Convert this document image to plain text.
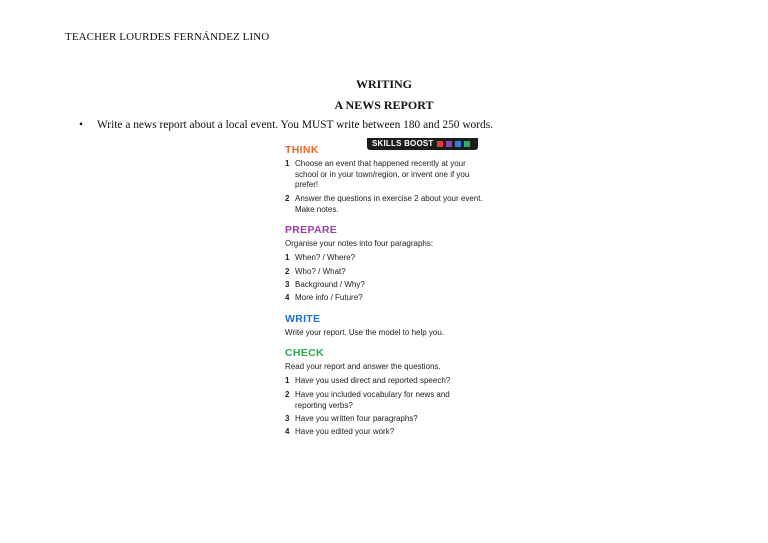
TEACHER LOURDES FERNÁNDEZ LINO
WRITING
A NEWS REPORT
• Write a news report about a local event. You MUST write between 180 and 250 words.
SKILLS BOOST
THINK
1 Choose an event that happened recently at your school or in your town/region, or invent one if you prefer!
2 Answer the questions in exercise 2 about your event. Make notes.
PREPARE
Organise your notes into four paragraphs:
1 When? / Where?
2 Who? / What?
3 Background / Why?
4 More info / Future?
WRITE
Write your report. Use the model to help you.
CHECK
Read your report and answer the questions.
1 Have you used direct and reported speech?
2 Have you included vocabulary for news and reporting verbs?
3 Have you written four paragraphs?
4 Have you edited your work?
